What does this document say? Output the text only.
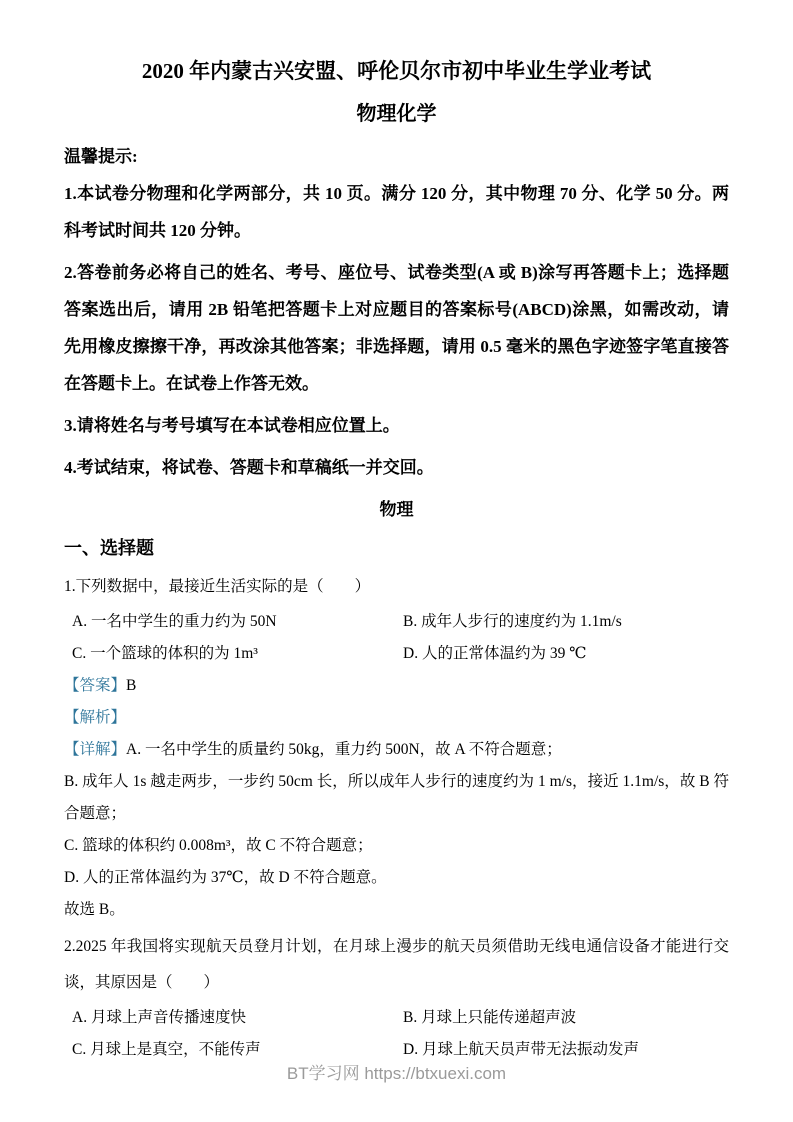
2020 年内蒙古兴安盟、呼伦贝尔市初中毕业生学业考试
物理化学
温馨提示:

1.本试卷分物理和化学两部分，共 10 页。满分 120 分，其中物理 70 分、化学 50 分。两科考试时间共 120 分钟。

2.答卷前务必将自己的姓名、考号、座位号、试卷类型(A 或 B)涂写再答题卡上；选择题答案选出后，请用 2B 铅笔把答题卡上对应题目的答案标号(ABCD)涂黑，如需改动，请先用橡皮擦擦干净，再改涂其他答案；非选择题，请用 0.5 毫米的黑色字迹签字笔直接答在答题卡上。在试卷上作答无效。

3.请将姓名与考号填写在本试卷相应位置上。

4.考试结束，将试卷、答题卡和草稿纸一并交回。

物理
一、选择题
1.下列数据中，最接近生活实际的是（　　）
A. 一名中学生的重力约为 50N	B. 成年人步行的速度约为 1.1m/s
C. 一个篮球的体积的为 1m³	D. 人的正常体温约为 39 ℃

【答案】B

【解析】

【详解】A. 一名中学生的质量约 50kg，重力约 500N，故 A 不符合题意；

B. 成年人 1s 越走两步，一步约 50cm 长，所以成年人步行的速度约为 1 m/s，接近 1.1m/s，故 B 符合题意；

C. 篮球的体积约 0.008m³，故 C 不符合题意；

D. 人的正常体温约为 37℃，故 D 不符合题意。

故选 B。

2.2025 年我国将实现航天员登月计划，在月球上漫步的航天员须借助无线电通信设备才能进行交谈，其原因是（　　）
A. 月球上声音传播速度快	B. 月球上只能传递超声波
C. 月球上是真空，不能传声	D. 月球上航天员声带无法振动发声
BT学习网 https://btxuexi.com
